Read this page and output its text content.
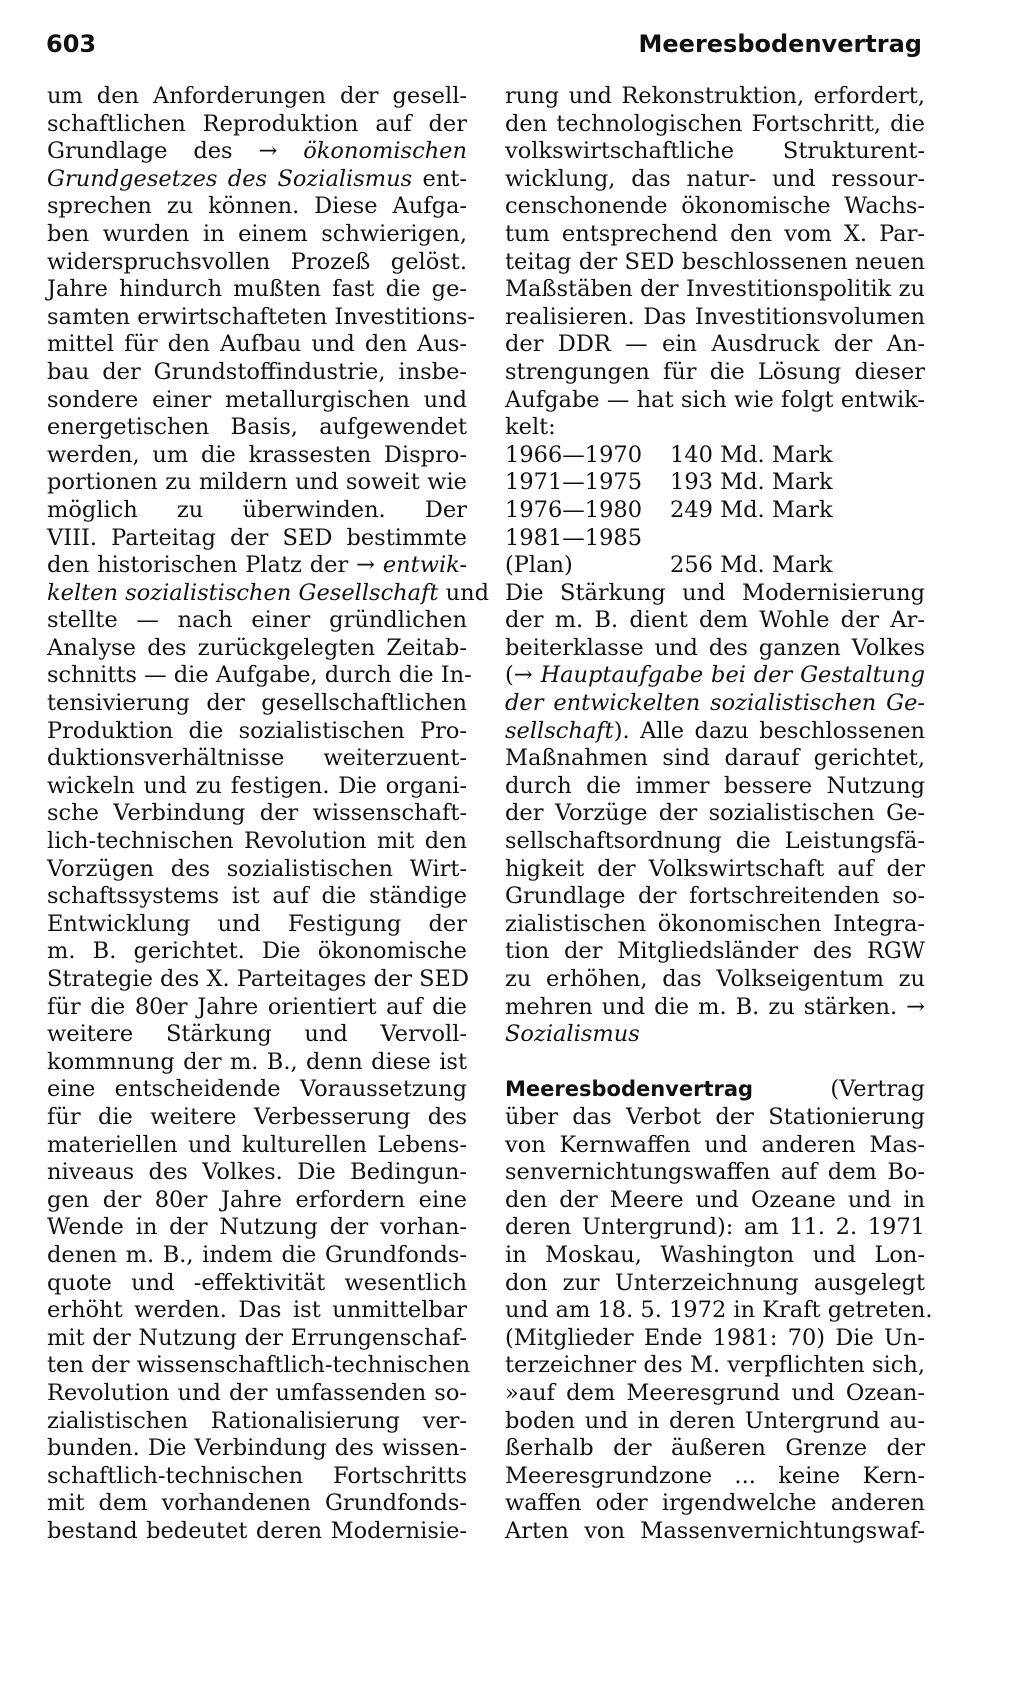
603	Meeresbodenvertrag
um den Anforderungen der gesell-
schaftlichen Reproduktion auf der
Grundlage des → ökonomischen
Grundgesetzes des Sozialismus ent-
sprechen zu können. Diese Aufga-
ben wurden in einem schwierigen,
widerspruchsvollen Prozeß gelöst.
Jahre hindurch mußten fast die ge-
samten erwirtschafteten Investitions-
mittel für den Aufbau und den Aus-
bau der Grundstoffindustrie, insbe-
sondere einer metallurgischen und
energetischen Basis, aufgewendet
werden, um die krassesten Dispro-
portionen zu mildern und soweit wie
möglich zu überwinden. Der
VIII. Parteitag der SED bestimmte
den historischen Platz der → entwik-
kelten sozialistischen Gesellschaft und
stellte — nach einer gründlichen
Analyse des zurückgelegten Zeitab-
schnitts — die Aufgabe, durch die In-
tensivierung der gesellschaftlichen
Produktion die sozialistischen Pro-
duktionsverhältnisse weiterzuent-
wickeln und zu festigen. Die organi-
sche Verbindung der wissenschaft-
lich-technischen Revolution mit den
Vorzügen des sozialistischen Wirt-
schaftssystems ist auf die ständige
Entwicklung und Festigung der
m. B. gerichtet. Die ökonomische
Strategie des X. Parteitages der SED
für die 80er Jahre orientiert auf die
weitere Stärkung und Vervoll-
kommnung der m. B., denn diese ist
eine entscheidende Voraussetzung
für die weitere Verbesserung des
materiellen und kulturellen Lebens-
niveaus des Volkes. Die Bedingun-
gen der 80er Jahre erfordern eine
Wende in der Nutzung der vorhan-
denen m. B., indem die Grundfonds-
quote und -effektivität wesentlich
erhöht werden. Das ist unmittelbar
mit der Nutzung der Errungenschaf-
ten der wissenschaftlich-technischen
Revolution und der umfassenden so-
zialistischen Rationalisierung ver-
bunden. Die Verbindung des wissen-
schaftlich-technischen Fortschritts
mit dem vorhandenen Grundfonds-
bestand bedeutet deren Modernisie-
rung und Rekonstruktion, erfordert,
den technologischen Fortschritt, die
volkswirtschaftliche Strukturent-
wicklung, das natur- und ressour-
censchonende ökonomische Wachs-
tum entsprechend den vom X. Par-
teitag der SED beschlossenen neuen
Maßstäben der Investitionspolitik zu
realisieren. Das Investitionsvolumen
der DDR — ein Ausdruck der An-
strengungen für die Lösung dieser
Aufgabe — hat sich wie folgt entwik-
kelt:
1966—1970 140 Md. Mark
1971—1975 193 Md. Mark
1976—1980 249 Md. Mark
1981—1985
(Plan)	256 Md. Mark
Die Stärkung und Modernisierung
der m. B. dient dem Wohle der Ar-
beiterklasse und des ganzen Volkes
(→ Hauptaufgabe bei der Gestaltung
der entwickelten sozialistischen Ge-
sellschaft). Alle dazu beschlossenen
Maßnahmen sind darauf gerichtet,
durch die immer bessere Nutzung
der Vorzüge der sozialistischen Ge-
sellschaftsordnung die Leistungsfä-
higkeit der Volkswirtschaft auf der
Grundlage der fortschreitenden so-
zialistischen ökonomischen Integra-
tion der Mitgliedsländer des RGW
zu erhöhen, das Volkseigentum zu
mehren und die m. B. zu stärken. →
Sozialismus
Meeresbodenvertrag (Vertrag
über das Verbot der Stationierung
von Kernwaffen und anderen Mas-
senvernichtungswaffen auf dem Bo-
den der Meere und Ozeane und in
deren Untergrund): am 11. 2. 1971
in Moskau, Washington und Lon-
don zur Unterzeichnung ausgelegt
und am 18. 5. 1972 in Kraft getreten.
(Mitglieder Ende 1981: 70) Die Un-
terzeichner des M. verpflichten sich,
»auf dem Meeresgrund und Ozean-
boden und in deren Untergrund au-
ßerhalb der äußeren Grenze der
Meeresgrundzone ... keine Kern-
waffen oder irgendwelche anderen
Arten von Massenvernichtungswaf-
